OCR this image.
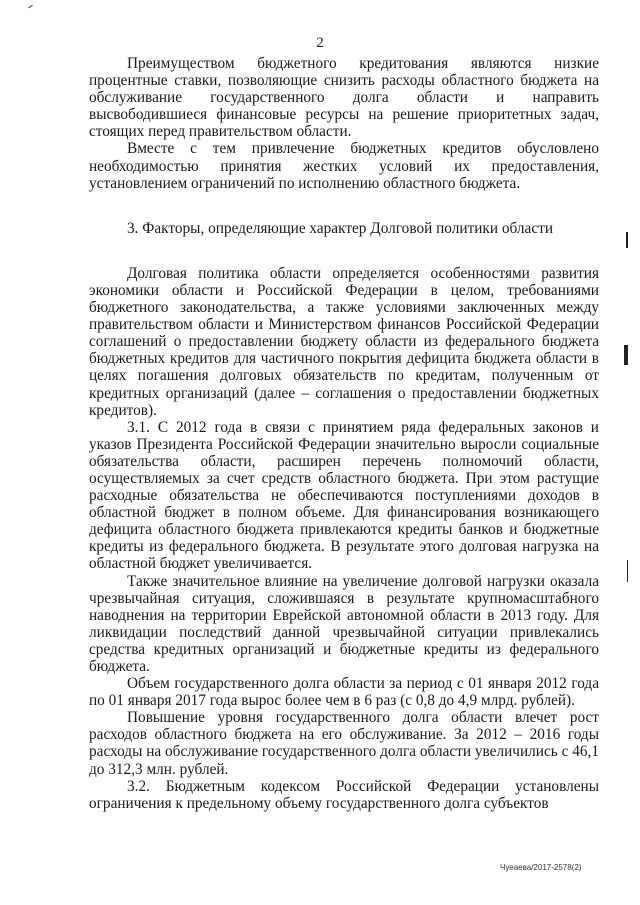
2

Преимуществом бюджетного кредитования являются низкие процентные ставки, позволяющие снизить расходы областного бюджета на обслуживание государственного долга области и направить высвободившиеся финансовые ресурсы на решение приоритетных задач, стоящих перед правительством области.

Вместе с тем привлечение бюджетных кредитов обусловлено необходимостью принятия жестких условий их предоставления, установлением ограничений по исполнению областного бюджета.

3. Факторы, определяющие характер Долговой политики области

Долговая политика области определяется особенностями развития экономики области и Российской Федерации в целом, требованиями бюджетного законодательства, а также условиями заключенных между правительством области и Министерством финансов Российской Федерации соглашений о предоставлении бюджету области из федерального бюджета бюджетных кредитов для частичного покрытия дефицита бюджета области в целях погашения долговых обязательств по кредитам, полученным от кредитных организаций (далее – соглашения о предоставлении бюджетных кредитов).

3.1. С 2012 года в связи с принятием ряда федеральных законов и указов Президента Российской Федерации значительно выросли социальные обязательства области, расширен перечень полномочий области, осуществляемых за счет средств областного бюджета. При этом растущие расходные обязательства не обеспечиваются поступлениями доходов в областной бюджет в полном объеме. Для финансирования возникающего дефицита областного бюджета привлекаются кредиты банков и бюджетные кредиты из федерального бюджета. В результате этого долговая нагрузка на областной бюджет увеличивается.

Также значительное влияние на увеличение долговой нагрузки оказала чрезвычайная ситуация, сложившаяся в результате крупномасштабного наводнения на территории Еврейской автономной области в 2013 году. Для ликвидации последствий данной чрезвычайной ситуации привлекались средства кредитных организаций и бюджетные кредиты из федерального бюджета.

Объем государственного долга области за период с 01 января 2012 года по 01 января 2017 года вырос более чем в 6 раз (с 0,8 до 4,9 млрд. рублей).

Повышение уровня государственного долга области влечет рост расходов областного бюджета на его обслуживание. За 2012 – 2016 годы расходы на обслуживание государственного долга области увеличились с 46,1 до 312,3 млн. рублей.

3.2. Бюджетным кодексом Российской Федерации установлены ограничения к предельному объему государственного долга субъектов

Чуеаева/2017-2578(2)
